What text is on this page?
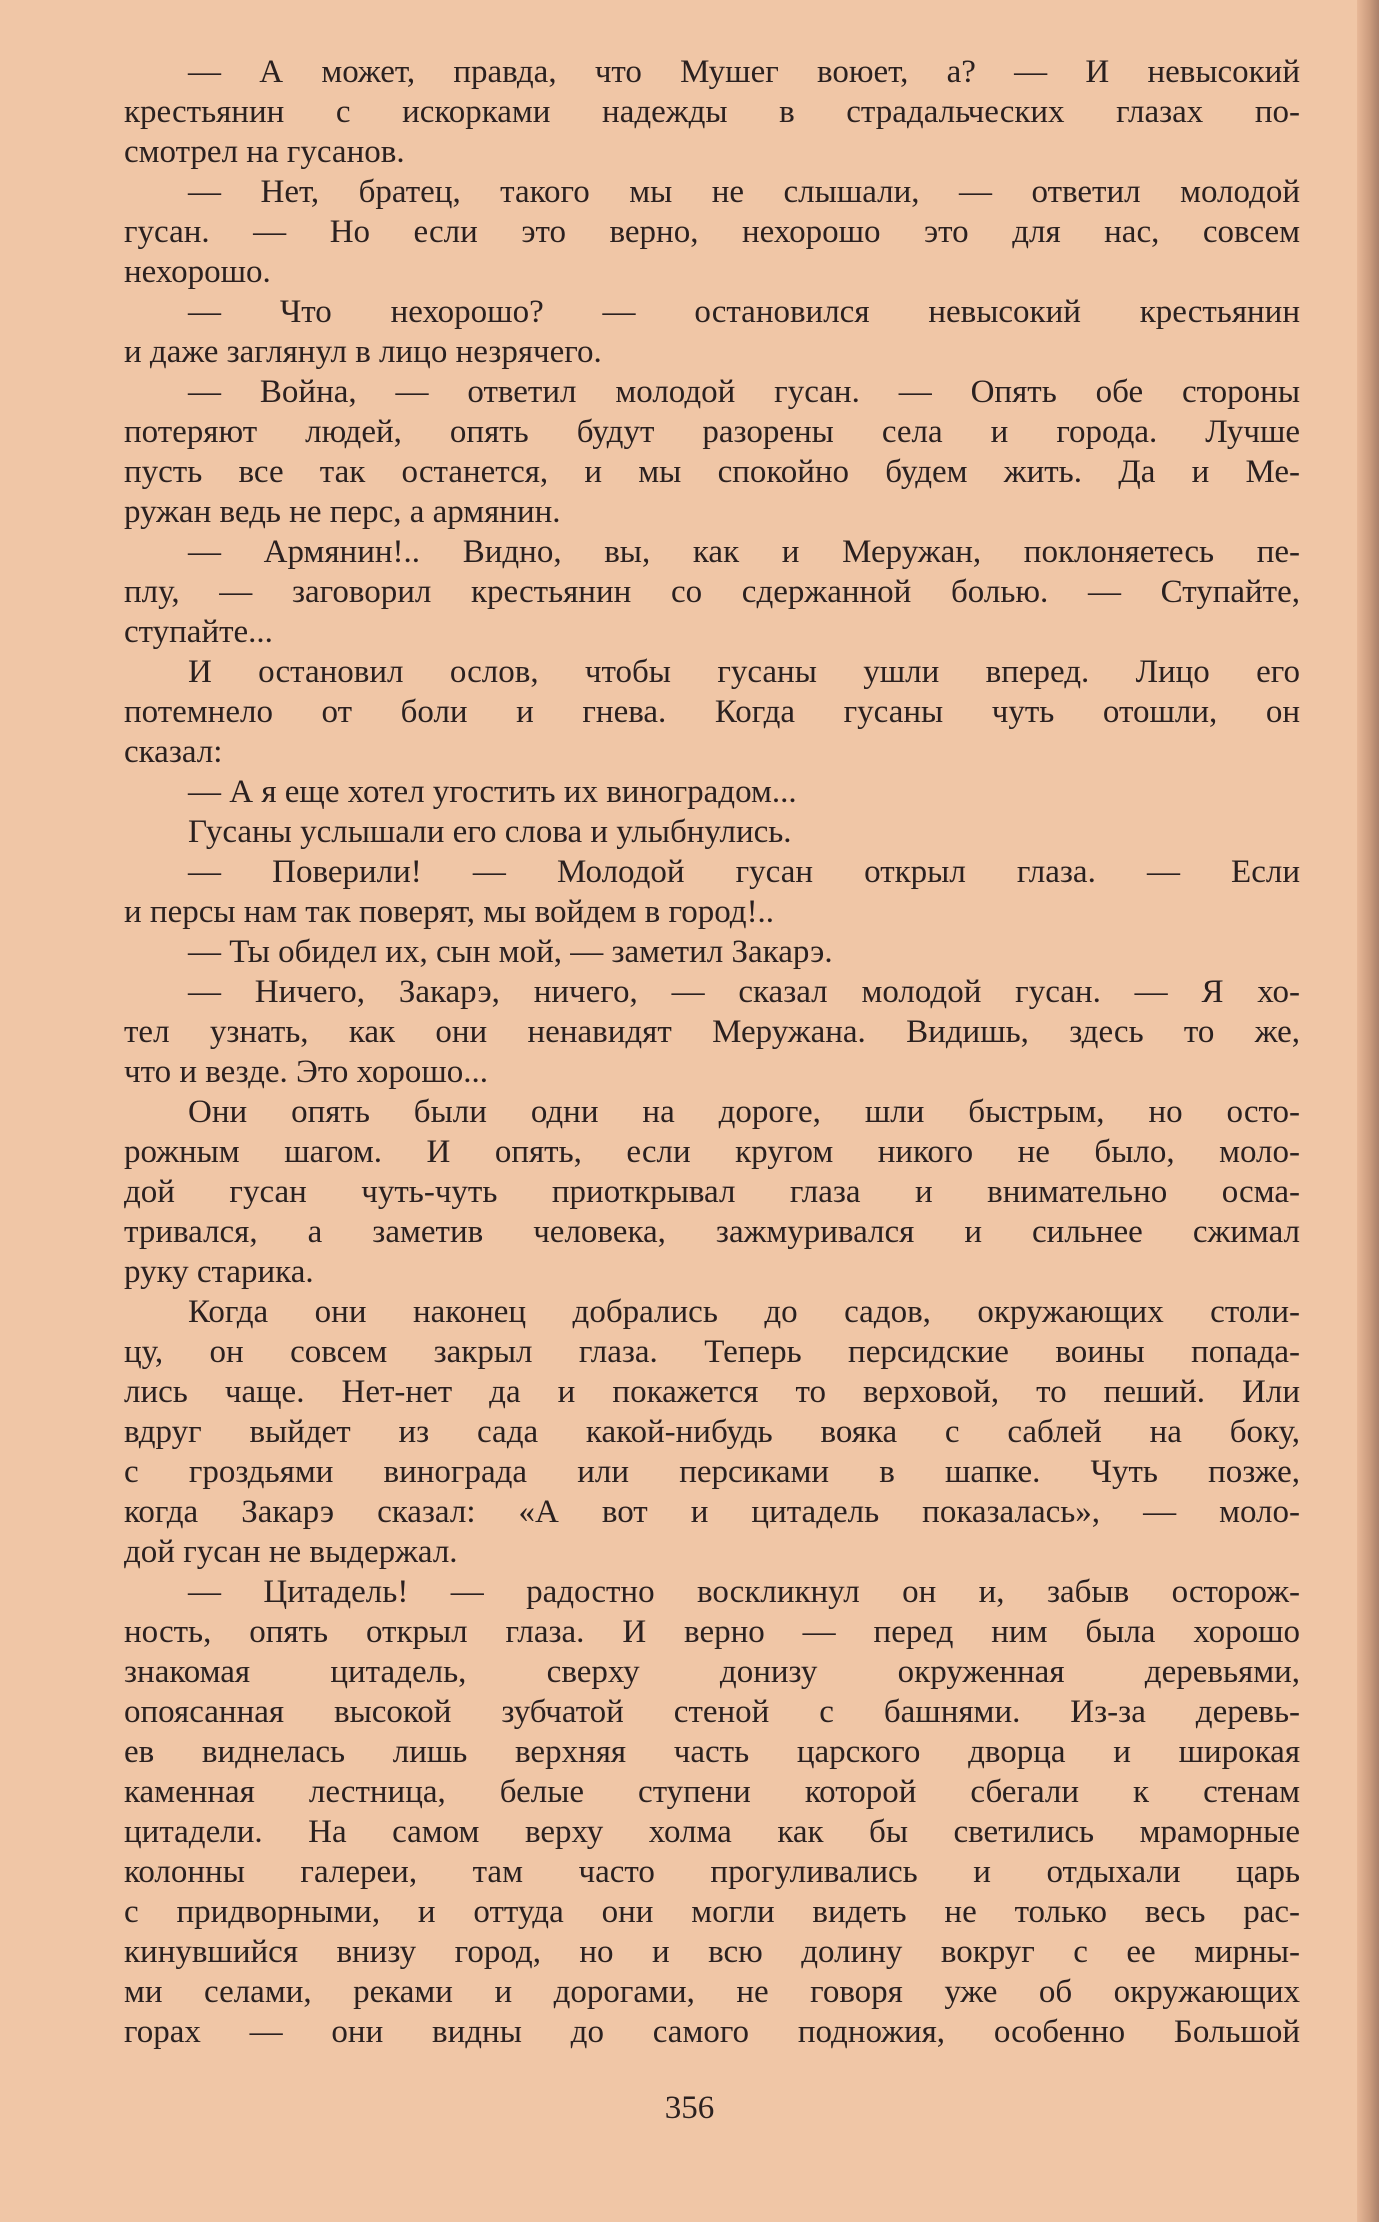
— А может, правда, что Мушег воюет, а? — И невысокий
крестьянин с искорками надежды в страдальческих глазах по-
смотрел на гусанов.
— Нет, братец, такого мы не слышали, — ответил молодой
гусан. — Но если это верно, нехорошо это для нас, совсем
нехорошо.
— Что нехорошо? — остановился невысокий крестьянин
и даже заглянул в лицо незрячего.
— Война, — ответил молодой гусан. — Опять обе стороны
потеряют людей, опять будут разорены села и города. Лучше
пусть все так останется, и мы спокойно будем жить. Да и Ме-
ружан ведь не перс, а армянин.
— Армянин!.. Видно, вы, как и Меружан, поклоняетесь пе-
плу, — заговорил крестьянин со сдержанной болью. — Ступайте,
ступайте...
И остановил ослов, чтобы гусаны ушли вперед. Лицо его
потемнело от боли и гнева. Когда гусаны чуть отошли, он
сказал:
— А я еще хотел угостить их виноградом...
Гусаны услышали его слова и улыбнулись.
— Поверили! — Молодой гусан открыл глаза. — Если
и персы нам так поверят, мы войдем в город!..
— Ты обидел их, сын мой, — заметил Закарэ.
— Ничего, Закарэ, ничего, — сказал молодой гусан. — Я хо-
тел узнать, как они ненавидят Меружана. Видишь, здесь то же,
что и везде. Это хорошо...
Они опять были одни на дороге, шли быстрым, но осто-
рожным шагом. И опять, если кругом никого не было, моло-
дой гусан чуть-чуть приоткрывал глаза и внимательно осма-
тривался, а заметив человека, зажмуривался и сильнее сжимал
руку старика.
Когда они наконец добрались до садов, окружающих столи-
цу, он совсем закрыл глаза. Теперь персидские воины попада-
лись чаще. Нет-нет да и покажется то верховой, то пеший. Или
вдруг выйдет из сада какой-нибудь вояка с саблей на боку,
с гроздьями винограда или персиками в шапке. Чуть позже,
когда Закарэ сказал: «А вот и цитадель показалась», — моло-
дой гусан не выдержал.
— Цитадель! — радостно воскликнул он и, забыв осторож-
ность, опять открыл глаза. И верно — перед ним была хорошо
знакомая цитадель, сверху донизу окруженная деревьями,
опоясанная высокой зубчатой стеной с башнями. Из-за деревь-
ев виднелась лишь верхняя часть царского дворца и широкая
каменная лестница, белые ступени которой сбегали к стенам
цитадели. На самом верху холма как бы светились мраморные
колонны галереи, там часто прогуливались и отдыхали царь
с придворными, и оттуда они могли видеть не только весь рас-
кинувшийся внизу город, но и всю долину вокруг с ее мирны-
ми селами, реками и дорогами, не говоря уже об окружающих
горах — они видны до самого подножия, особенно Большой
356
